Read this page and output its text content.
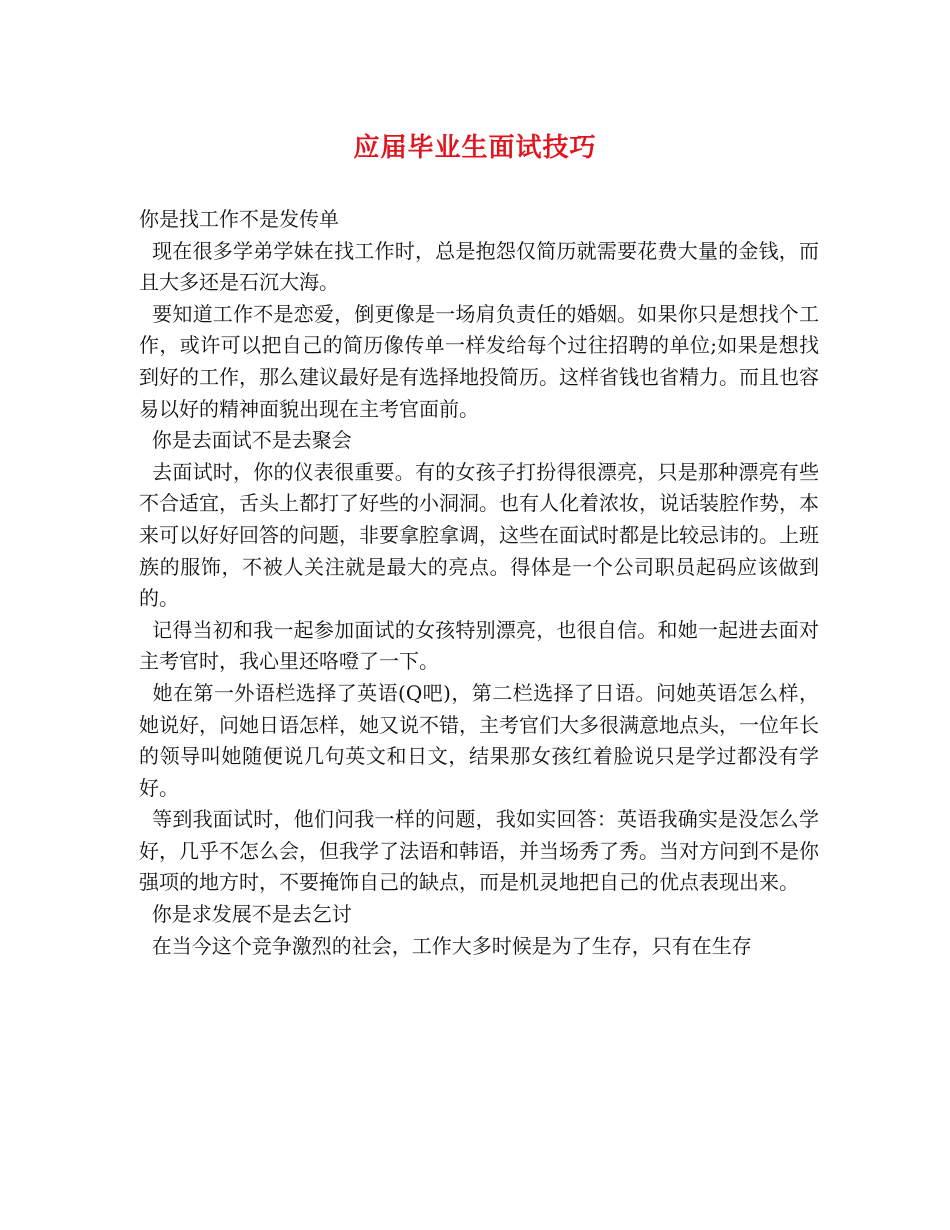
应届毕业生面试技巧

你是找工作不是发传单

现在很多学弟学妹在找工作时，总是抱怨仅简历就需要花费大量的金钱，而且大多还是石沉大海。

要知道工作不是恋爱，倒更像是一场肩负责任的婚姻。如果你只是想找个工作，或许可以把自己的简历像传单一样发给每个过往招聘的单位;如果是想找到好的工作，那么建议最好是有选择地投简历。这样省钱也省精力。而且也容易以好的精神面貌出现在主考官面前。

你是去面试不是去聚会

去面试时，你的仪表很重要。有的女孩子打扮得很漂亮，只是那种漂亮有些不合适宜，舌头上都打了好些的小洞洞。也有人化着浓妆，说话装腔作势，本来可以好好回答的问题，非要拿腔拿调，这些在面试时都是比较忌讳的。上班族的服饰，不被人关注就是最大的亮点。得体是一个公司职员起码应该做到的。

记得当初和我一起参加面试的女孩特别漂亮，也很自信。和她一起进去面对主考官时，我心里还咯噔了一下。

她在第一外语栏选择了英语(Q吧)，第二栏选择了日语。问她英语怎么样，她说好，问她日语怎样，她又说不错，主考官们大多很满意地点头，一位年长的领导叫她随便说几句英文和日文，结果那女孩红着脸说只是学过都没有学好。

等到我面试时，他们问我一样的问题，我如实回答：英语我确实是没怎么学好，几乎不怎么会，但我学了法语和韩语，并当场秀了秀。当对方问到不是你强项的地方时，不要掩饰自己的缺点，而是机灵地把自己的优点表现出来。

你是求发展不是去乞讨

在当今这个竞争激烈的社会，工作大多时候是为了生存，只有在生存
